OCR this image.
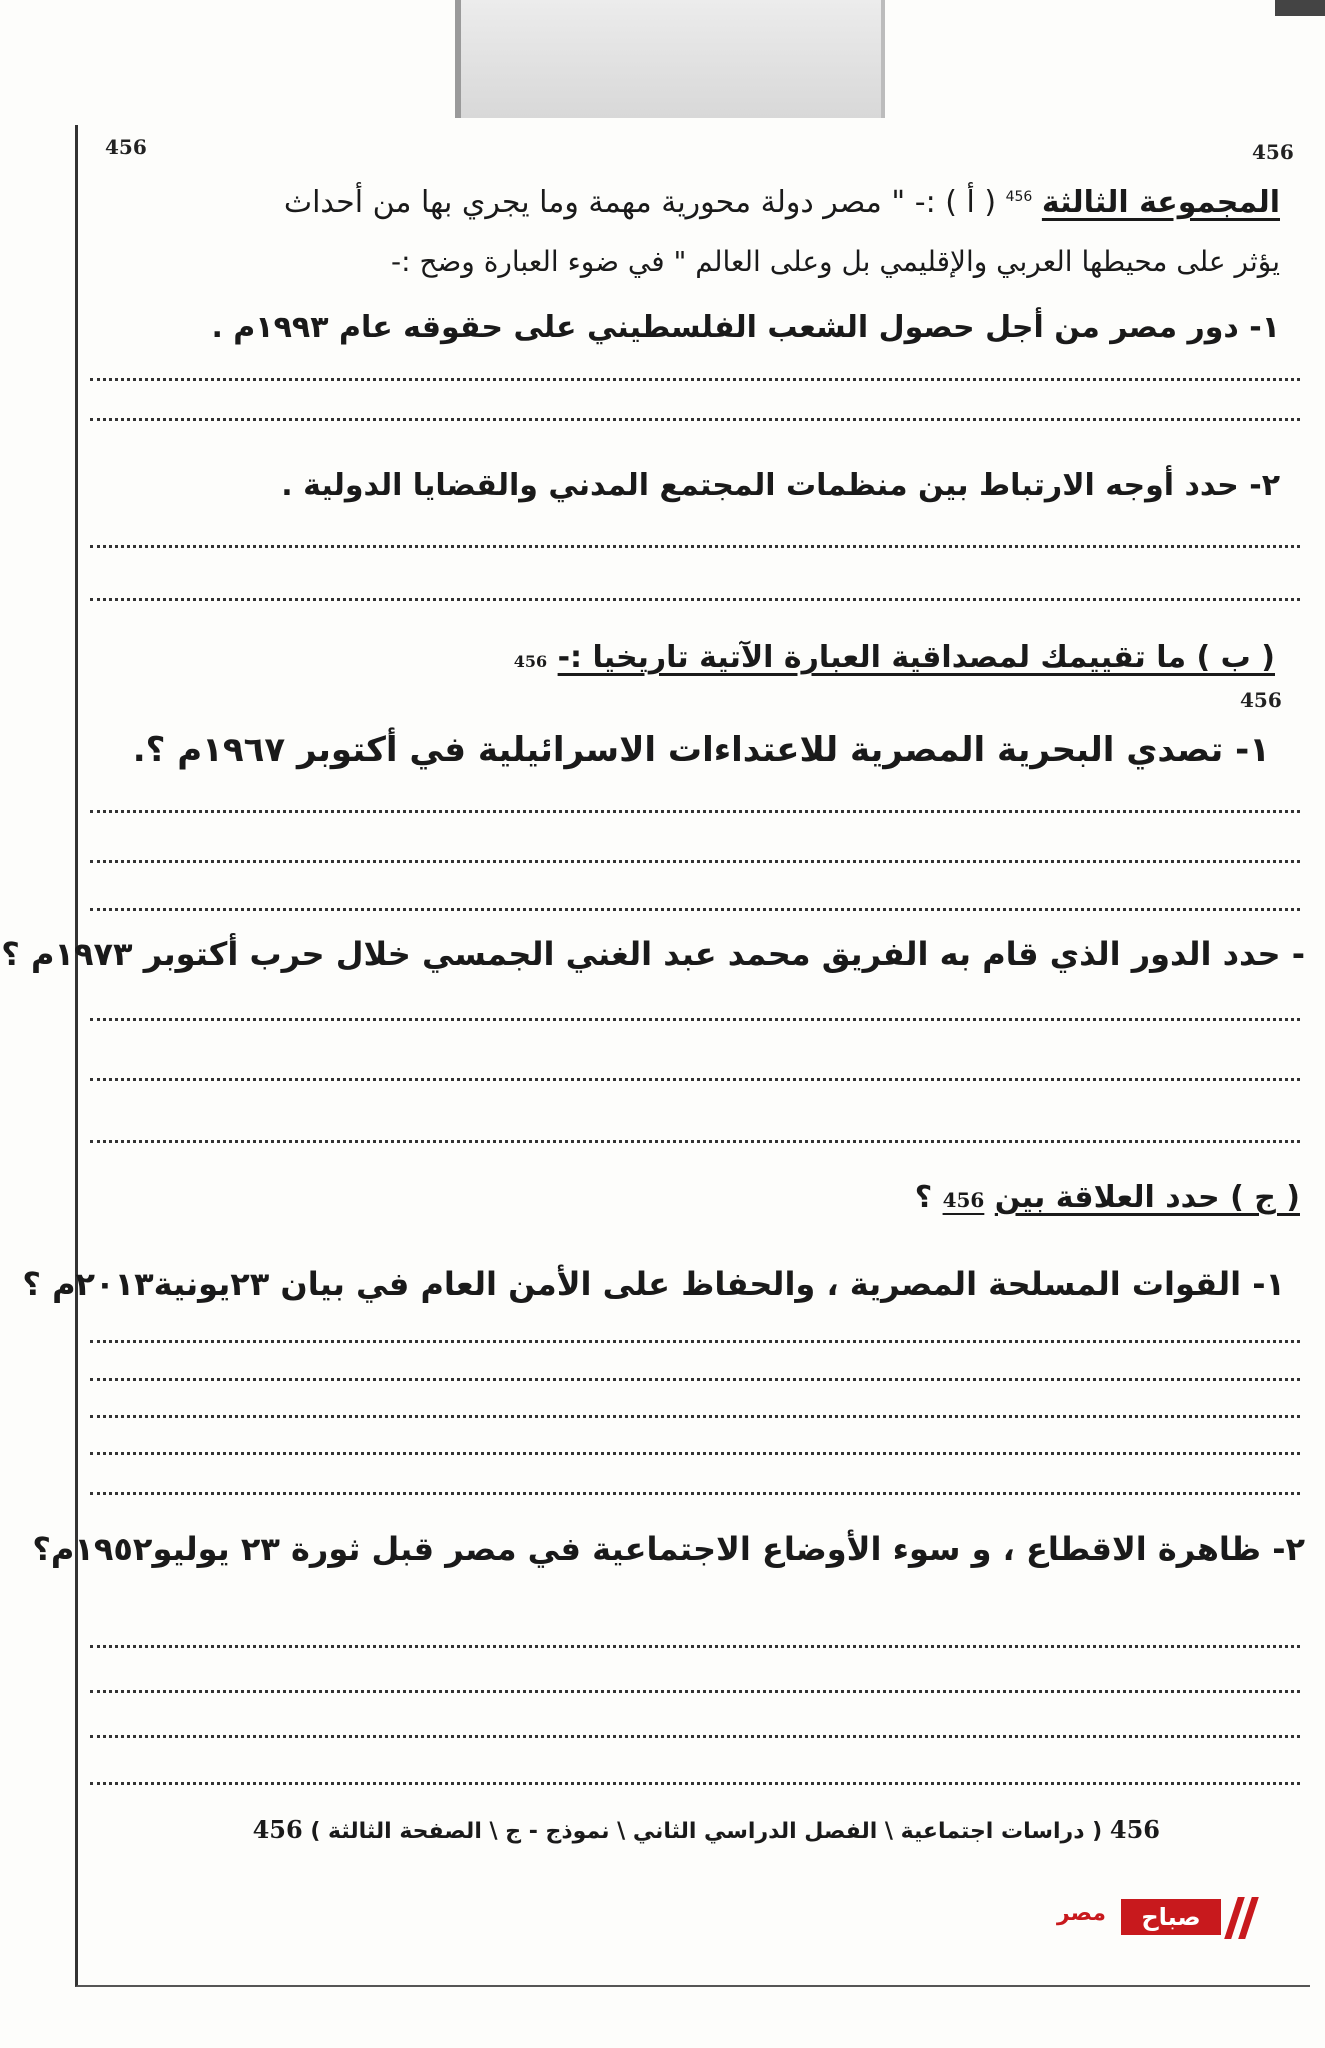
456	456
المجموعة الثالثة $^{456}$ ( أ ) :- " مصر دولة محورية مهمة وما يجري بها من أحداث
يؤثر على محيطها العربي والإقليمي بل وعلى العالم " في ضوء العبارة وضح :-
١- دور مصر من أجل حصول الشعب الفلسطيني على حقوقه عام ١٩٩٣م .
٢- حدد أوجه الارتباط بين منظمات المجتمع المدني والقضايا الدولية .
( ب ) ما تقييمك لمصداقية العبارة الآتية تاريخيا :- 456
456
١- تصدي البحرية المصرية للاعتداءات الاسرائيلية في أكتوبر ١٩٦٧م ؟.
- حدد الدور الذي قام به الفريق محمد عبد الغني الجمسي خلال حرب أكتوبر ١٩٧٣م ؟
( ج ) حدد العلاقة بين 456 ؟
١- القوات المسلحة المصرية ، والحفاظ على الأمن العام في بيان ٢٣يونية٢٠١٣م ؟
٢- ظاهرة الاقطاع ، و سوء الأوضاع الاجتماعية في مصر قبل ثورة ٢٣ يوليو١٩٥٢م؟
456 ( دراسات اجتماعية \ الفصل الدراسي الثاني \ نموذج - ج \ الصفحة الثالثة ) 456
مصر	صباح
